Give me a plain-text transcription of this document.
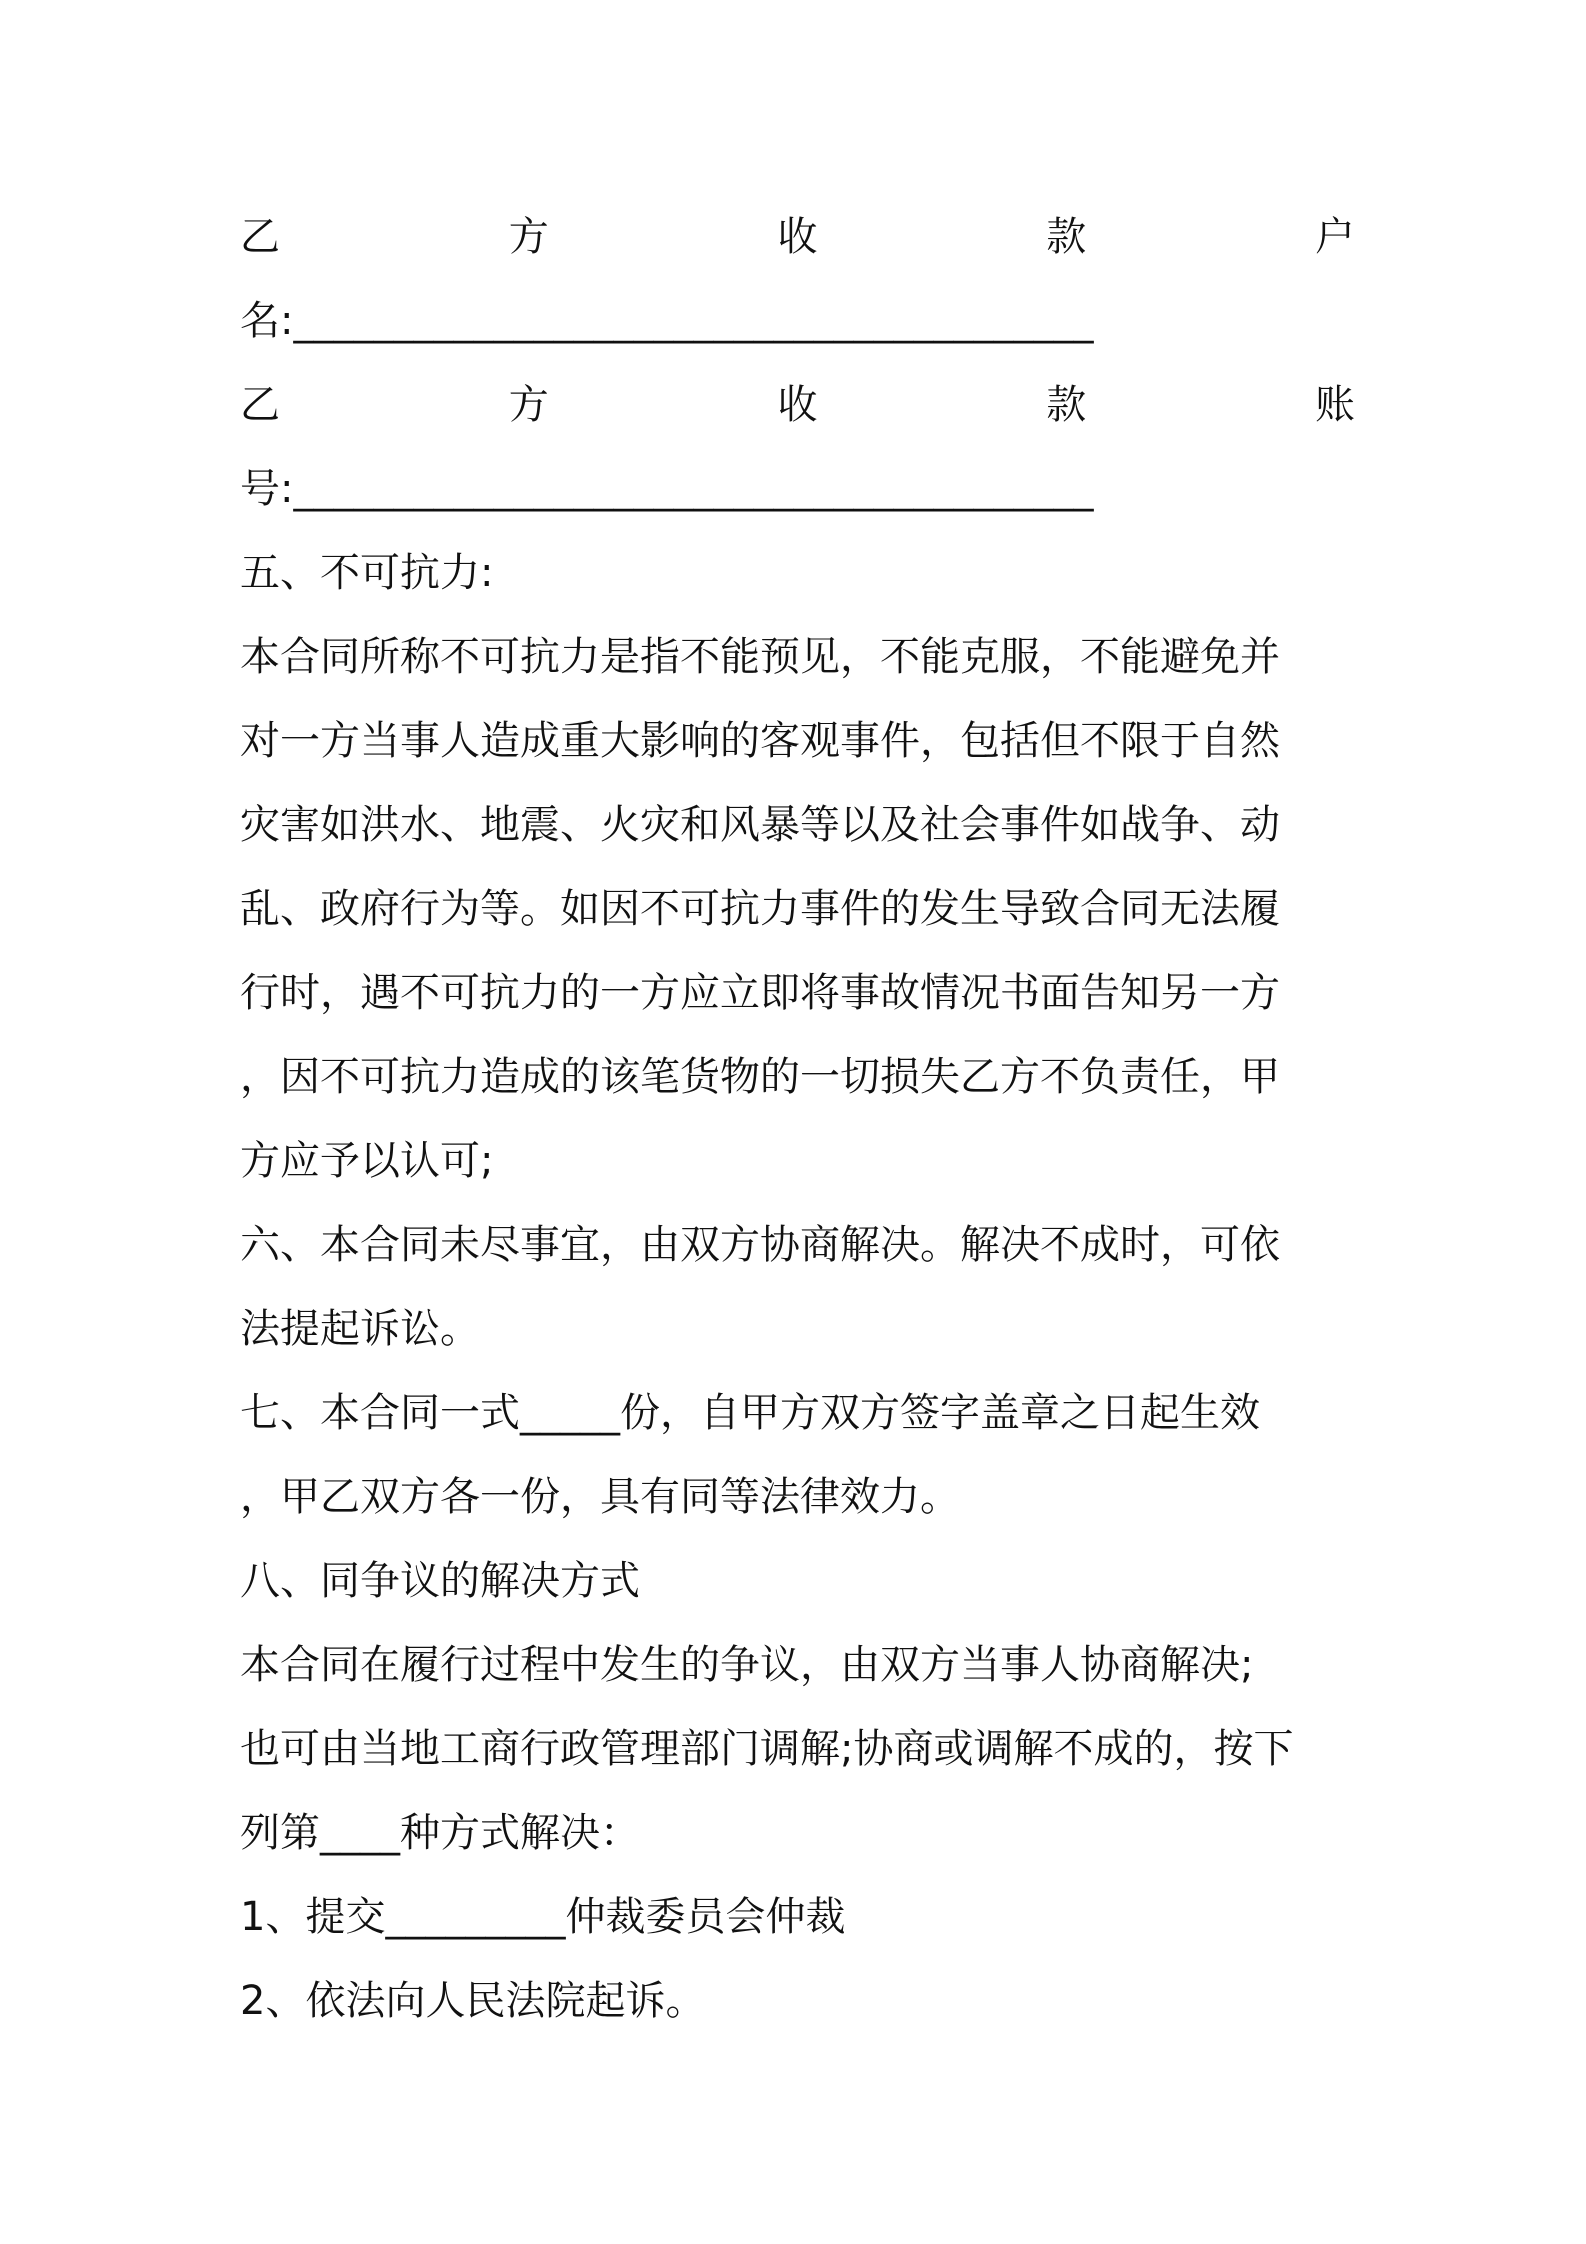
乙	方	收	款	户
名:________________________________________
乙	方	收	款	账
号:________________________________________
五、不可抗力:
本合同所称不可抗力是指不能预见，不能克服，不能避免并
对一方当事人造成重大影响的客观事件，包括但不限于自然
灾害如洪水、地震、火灾和风暴等以及社会事件如战争、动
乱、政府行为等。如因不可抗力事件的发生导致合同无法履
行时，遇不可抗力的一方应立即将事故情况书面告知另一方
，因不可抗力造成的该笔货物的一切损失乙方不负责任，甲
方应予以认可;
六、本合同未尽事宜，由双方协商解决。解决不成时，可依
法提起诉讼。
七、本合同一式_____份，自甲方双方签字盖章之日起生效
，甲乙双方各一份，具有同等法律效力。
八、同争议的解决方式
本合同在履行过程中发生的争议，由双方当事人协商解决;
也可由当地工商行政管理部门调解;协商或调解不成的，按下
列第____种方式解决：
1、提交_________仲裁委员会仲裁
2、依法向人民法院起诉。
